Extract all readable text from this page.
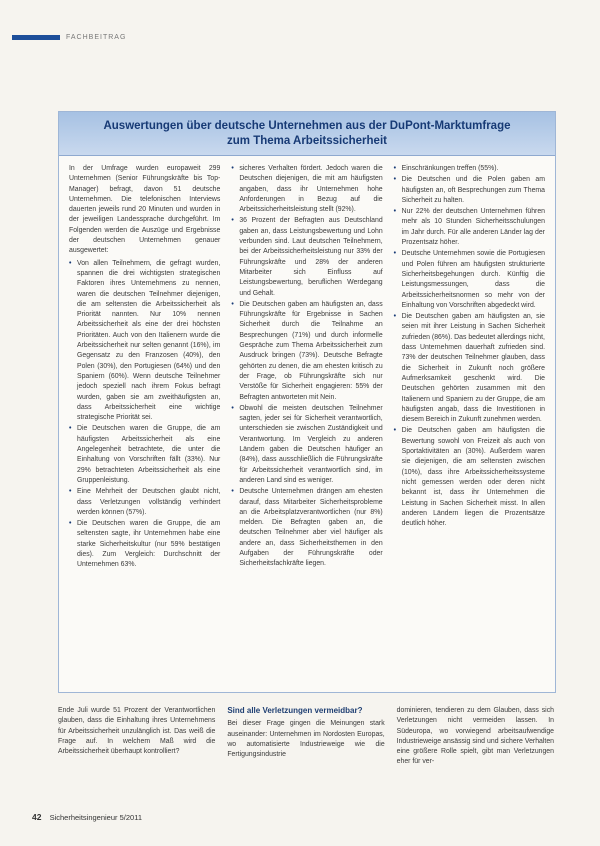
FACHBEITRAG
Auswertungen über deutsche Unternehmen aus der DuPont-Marktumfrage
zum Thema Arbeitssicherheit

In der Umfrage wurden europaweit 299 Unternehmen (Senior Führungskräfte bis Top-Manager) befragt, davon 51 deutsche Unternehmen. Die telefonischen Interviews dauerten jeweils rund 20 Minuten und wurden in der jeweiligen Landessprache durchgeführt. Im Folgenden werden die Auszüge und Ergebnisse der deutschen Unternehmen genauer ausgewertet:

• Von allen Teilnehmern, die gefragt wurden, spannen die drei wichtigsten strategischen Faktoren ihres Unternehmens zu nennen, waren die deutschen Teilnehmer diejenigen, die am seltensten die Arbeitssicherheit als Priorität nannten. Nur 10% nennen Arbeitssicherheit als eine der drei höchsten Prioritäten. Auch von den Italienern wurde die Arbeitssicherheit nur selten genannt (16%), im Gegensatz zu den Franzosen (40%), den Polen (30%), den Portugiesen (64%) und den Spaniern (60%). Wenn deutsche Teilnehmer jedoch speziell nach ihrem Fokus befragt wurden, gaben sie am zweithäufigsten an, dass Arbeitssicherheit eine wichtige strategische Priorität sei.
• Die Deutschen waren die Gruppe, die am häufigsten Arbeitssicherheit als eine Angelegenheit betrachtete, die unter die Einhaltung von Vorschriften fällt (33%). Nur 29% betrachteten Arbeitssicherheit als eine Gruppenleistung.
• Eine Mehrheit der Deutschen glaubt nicht, dass Verletzungen vollständig verhindert werden können (57%).
• Die Deutschen waren die Gruppe, die am seltensten sagte, ihr Unternehmen habe eine starke Sicherheitskultur (nur 59% bestätigen dies). Zum Vergleich: Durchschnitt der Unternehmen 63%.
• sicheres Verhalten fördert. Jedoch waren die Deutschen diejenigen, die mit am häufigsten angaben, dass ihr Unternehmen hohe Anforderungen in Bezug auf die Arbeitssicherheitsleistung stellt (92%).
• 36 Prozent der Befragten aus Deutschland gaben an, dass Leistungsbewertung und Lohn verbunden sind. Laut deutschen Teilnehmern, bei der Arbeitssicherheitsleistung nur 33% der Führungskräfte und 28% der anderen Mitarbeiter sich Einfluss auf Leistungsbewertung, beruflichen Werdegang und Gehalt.
• Die Deutschen gaben am häufigsten an, dass Führungskräfte für Ergebnisse in Sachen Sicherheit durch die Teilnahme an Besprechungen (71%) und durch informelle Gespräche zum Thema Arbeitssicherheit zum Ausdruck bringen (73%). Deutsche Befragte gehörten zu denen, die am ehesten kritisch zu der Frage, ob Führungskräfte sich nur Verstöße für Sicherheit engagieren: 55% der Befragten antworteten mit Nein.
• Obwohl die meisten deutschen Teilnehmer sagten, jeder sei für Sicherheit verantwortlich, unterschieden sie zwischen Zuständigkeit und Verantwortung. Im Vergleich zu anderen Ländern gaben die Deutschen häufiger an (84%), dass ausschließlich die Führungskräfte für Arbeitssicherheit verantwortlich sind, im anderen Land sind es weniger.
• Deutsche Unternehmen drängen am ehesten darauf, dass Mitarbeiter Sicherheitsprobleme an die Arbeitsplatzverantwortlichen (nur 8%) melden. Die Befragten gaben an, die deutschen Teilnehmer aber viel häufiger als andere an, dass Sicherheitsthemen in den Aufgaben der Führungskräfte oder Sicherheitsfachkräfte liegen.
• Einschränkungen treffen (55%).
• Die Deutschen und die Polen gaben am häufigsten an, oft Besprechungen zum Thema Sicherheit zu halten.
• Nur 22% der deutschen Unternehmen führen mehr als 10 Stunden Sicherheitsschulungen im Jahr durch. Für alle anderen Länder lag der Prozentsatz höher.
• Deutsche Unternehmen sowie die Portugiesen und Polen führen am häufigsten strukturierte Sicherheitsbegehungen durch. Künftig die Leistungsmessungen, dass die Arbeitssicherheitsnormen so mehr von der Einhaltung von Vorschriften abgedeckt wird.
• Die Deutschen gaben am häufigsten an, sie seien mit ihrer Leistung in Sachen Sicherheit zufrieden (86%). Das bedeutet allerdings nicht, dass Unternehmen dauerhaft zufrieden sind. 73% der deutschen Teilnehmer glauben, dass die Sicherheit in Zukunft noch größere Aufmerksamkeit geschenkt wird. Die Deutschen gehörten zusammen mit den Italienern und Spaniern zu der Gruppe, die am häufigsten angab, dass die Investitionen in diesem Bereich in Zukunft zunehmen werden.
• Die Deutschen gaben am häufigsten die Bewertung sowohl von Freizeit als auch von Sportaktivitäten an (30%). Außerdem waren sie diejenigen, die am seltensten zwischen (10%), dass ihre Arbeitssicherheitssysteme nicht gemessen werden oder deren nicht bekannt ist, dass ihr Unternehmen die Leistung in Sachen Sicherheit misst. In allen anderen Ländern liegen die Prozentsätze deutlich höher.
Ende Juli wurde 51 Prozent der Verantwortlichen glauben, dass die Einhaltung ihres Unternehmens für Arbeitssicherheit unzulänglich ist. Das weiß die Frage auf. In welchem Maß wird die Arbeitssicherheit überhaupt kontrolliert?
Sind alle Verletzungen vermeidbar?
Bei dieser Frage gingen die Meinungen stark auseinander: Unternehmen im Nordosten Europas, wo automatisierte Industrieweige wie die Fertigungsindustrie
dominieren, tendieren zu dem Glauben, dass sich Verletzungen nicht vermeiden lassen. In Südeuropa, wo vorwiegend arbeitsaufwendige Industrieweige ansässig sind und sichere Verhalten eine größere Rolle spielt, gibt man Verletzungen eher für ver-
42 Sicherheitsingenieur 5/2011
